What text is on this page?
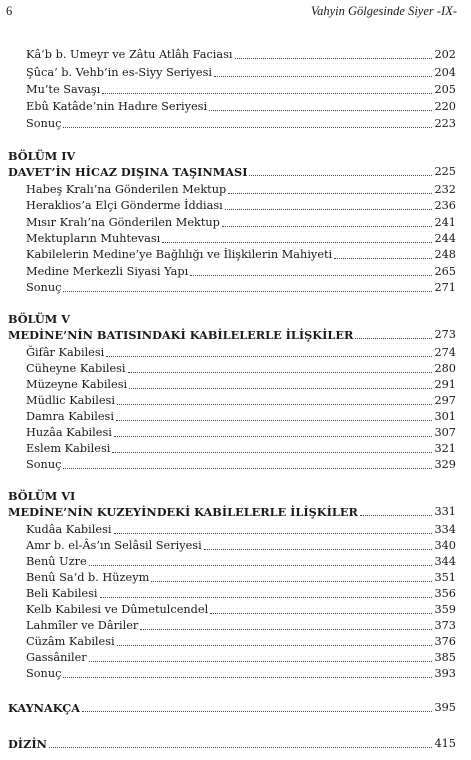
6	Vahyin Gölgesinde Siyer -IX-
Kâ‘b b. Umeyr ve Zâtu Atlâh Faciası	202
Şûca’ b. Vehb’in es-Siyy Seriyesi	204
Mu’te Savaşı	205
Ebû Katâde’nin Hadıre Seriyesi	220
Sonuç	223
BÖLÜM IV
DAVET’İN HİCAZ DIŞINA TAŞINMASI	225
Habeş Kralı’na Gönderilen Mektup	232
Heraklios’a Elçi Gönderme İddiası	236
Mısır Kralı’na Gönderilen Mektup	241
Mektupların Muhtevası	244
Kabilelerin Medine’ye Bağlılığı ve İlişkilerin Mahiyeti	248
Medine Merkezli Siyasi Yapı	265
Sonuç	271
BÖLÜM V
MEDİNE’NİN BATISINDAKİ KABİLELERLE İLİŞKİLER	273
Ğifâr Kabilesi	274
Cüheyne Kabilesi	280
Müzeyne Kabilesi	291
Müdlic Kabilesi	297
Damra Kabilesi	301
Huzâa Kabilesi	307
Eslem Kabilesi	321
Sonuç	329
BÖLÜM VI
MEDİNE’NİN KUZEYİNDEKİ KABİLELERLE İLİŞKİLER	331
Kudâa Kabilesi	334
Amr b. el-Âs’ın Selâsil Seriyesi	340
Benû Uzre	344
Benû Sa‘d b. Hüzeym	351
Beli Kabilesi	356
Kelb Kabilesi ve Dûmetulcendel	359
Lahmîler ve Dâriler	373
Cüzâm Kabilesi	376
Gassâniler	385
Sonuç	393
KAYNAKÇA	395
DİZİN	415
